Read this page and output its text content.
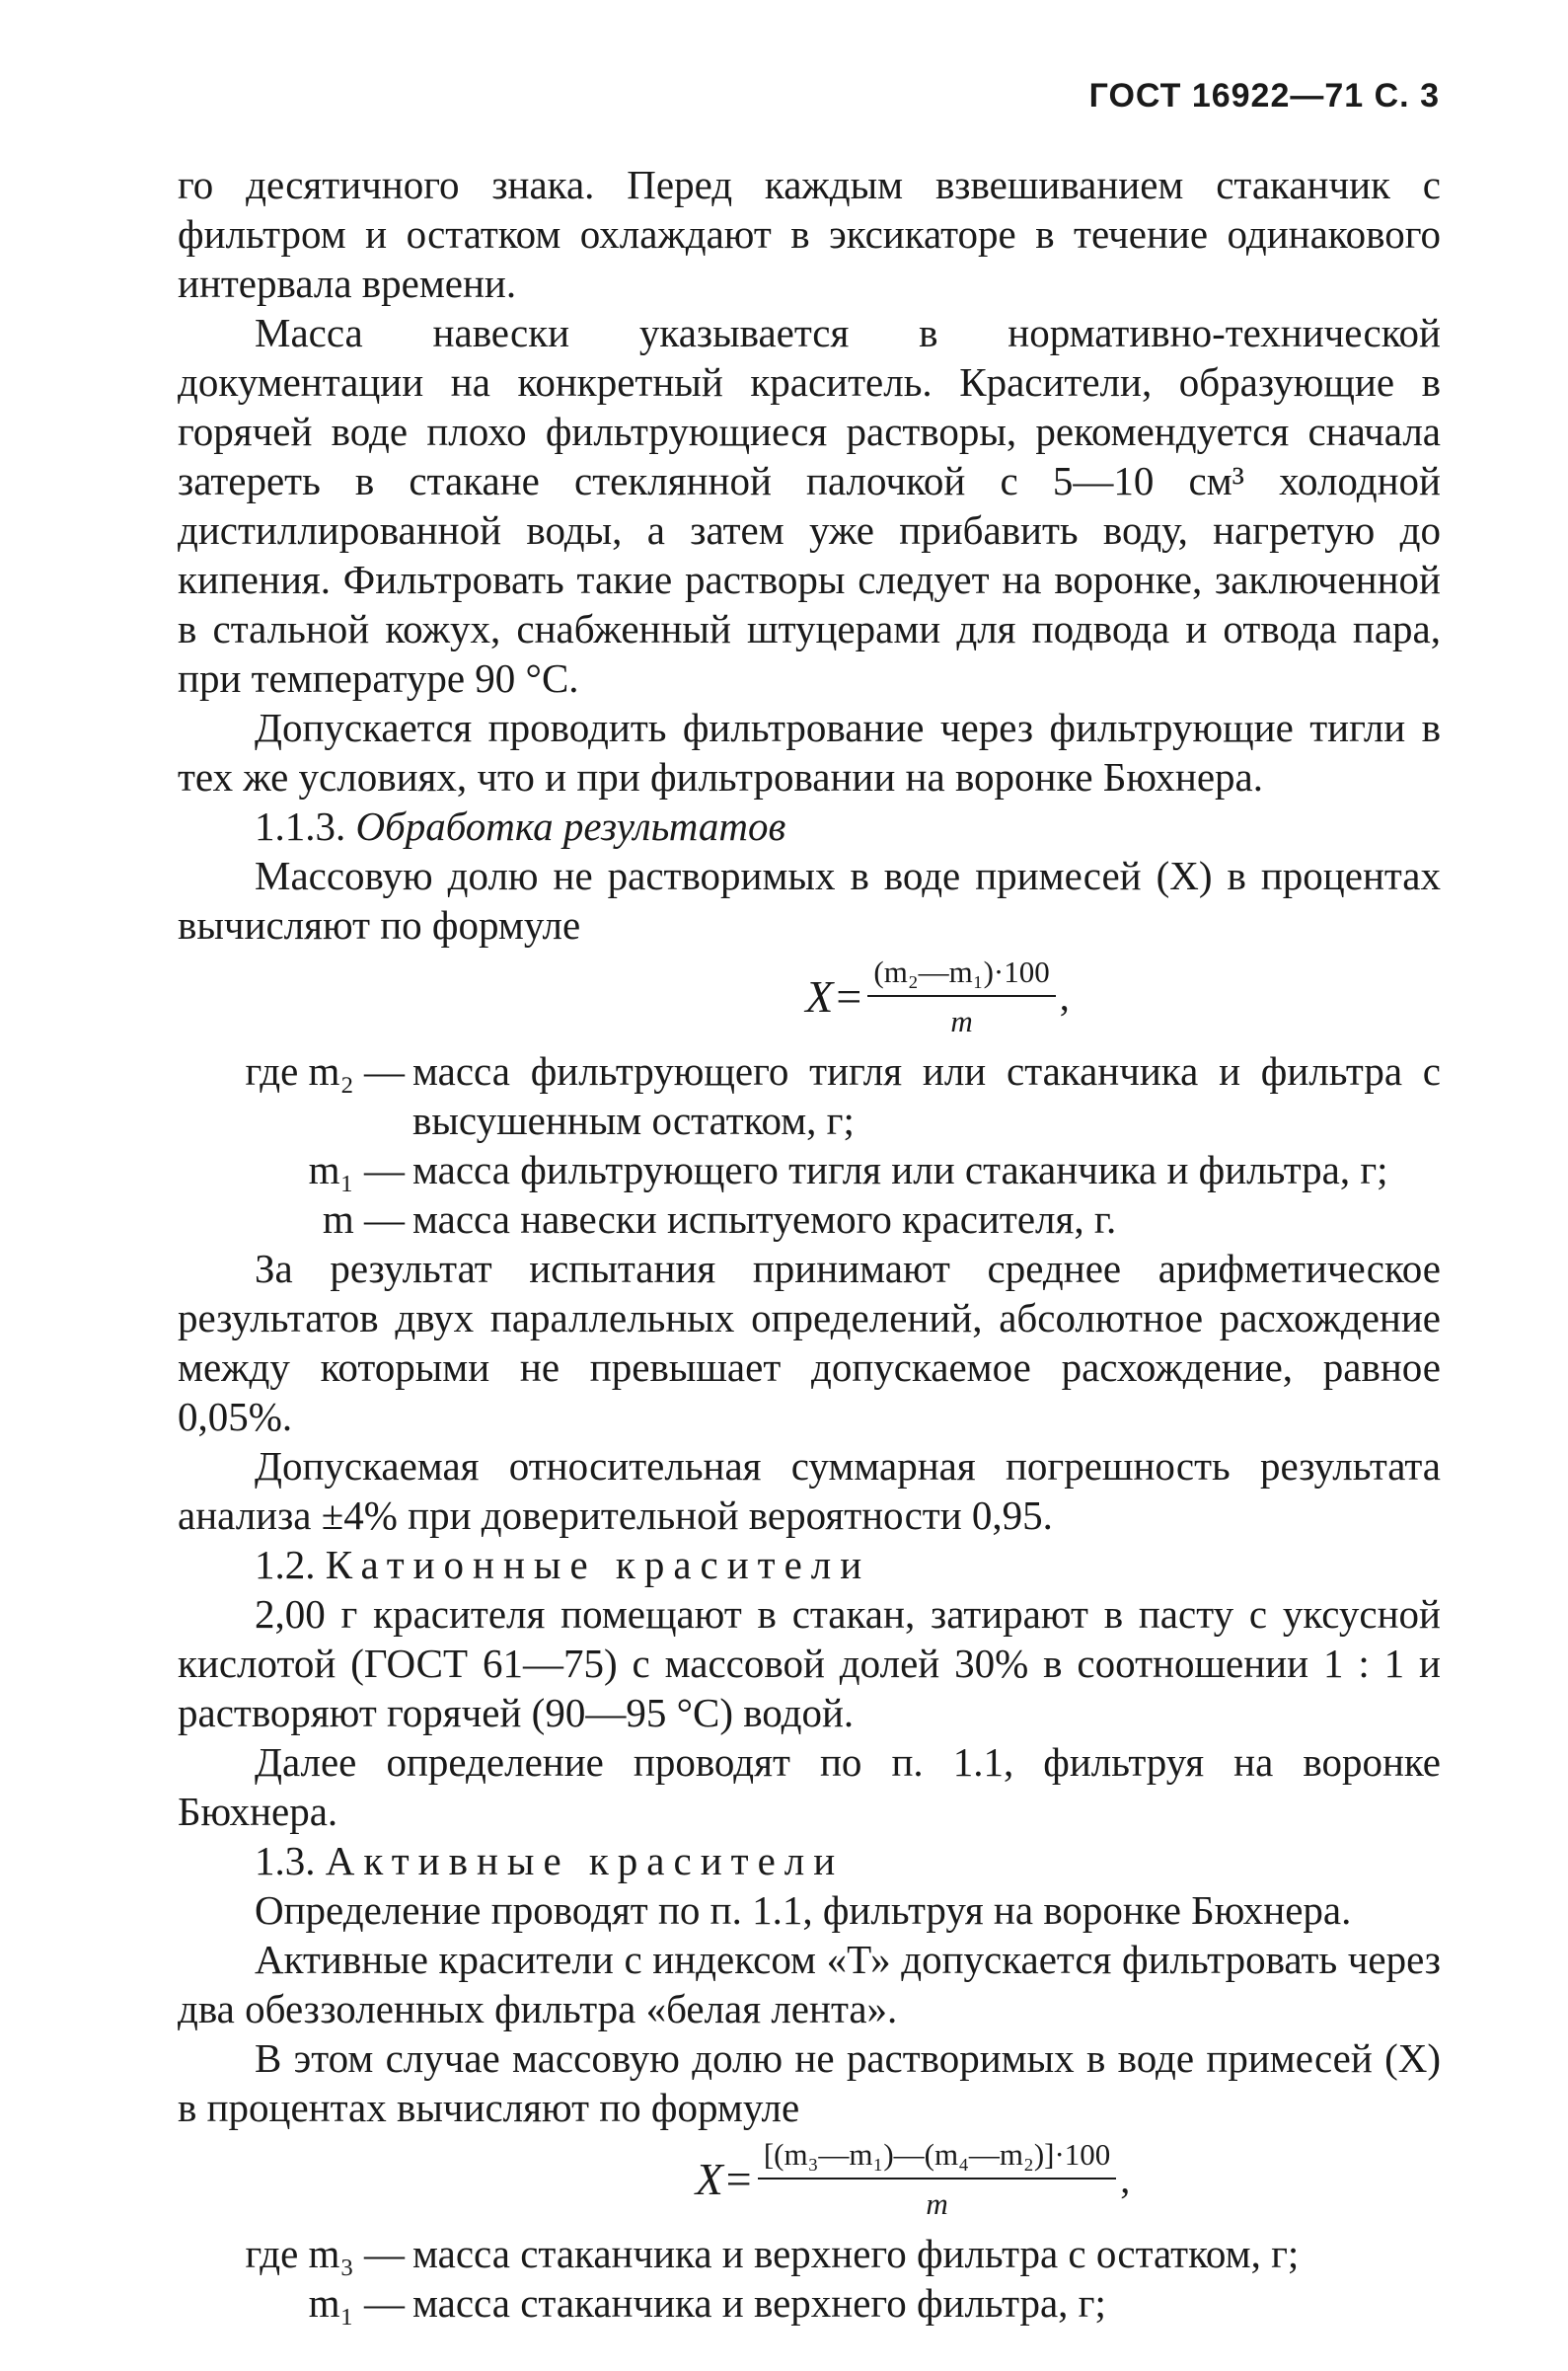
ГОСТ 16922—71 С. 3

го десятичного знака. Перед каждым взвешиванием стаканчик с фильтром и остатком охлаждают в эксикаторе в течение одинакового интервала времени.

Масса навески указывается в нормативно-технической документации на конкретный краситель. Красители, образующие в горячей воде плохо фильтрующиеся растворы, рекомендуется сначала затереть в стакане стеклянной палочкой с 5—10 см³ холодной дистиллированной воды, а затем уже прибавить воду, нагретую до кипения. Фильтровать такие растворы следует на воронке, заключенной в стальной кожух, снабженный штуцерами для подвода и отвода пара, при температуре 90 °С.

Допускается проводить фильтрование через фильтрующие тигли в тех же условиях, что и при фильтровании на воронке Бюхнера.

1.1.3. Обработка результатов

Массовую долю не растворимых в воде примесей (X) в процентах вычисляют по формуле

$X= \frac{\text{(m₂—m₁)·100}}{m}$ ,
где m₂ —	масса фильтрующего тигля или стаканчика и фильтра с высушенным остатком, г;
m₁ —	масса фильтрующего тигля или стаканчика и фильтра, г;
m —	масса навески испытуемого красителя, г.

За результат испытания принимают среднее арифметическое результатов двух параллельных определений, абсолютное расхождение между которыми не превышает допускаемое расхождение, равное 0,05%.

Допускаемая относительная суммарная погрешность результата анализа ±4% при доверительной вероятности 0,95.

1.2. Катионные красители

2,00 г красителя помещают в стакан, затирают в пасту с уксусной кислотой (ГОСТ 61—75) с массовой долей 30% в соотношении 1 : 1 и растворяют горячей (90—95 °С) водой.

Далее определение проводят по п. 1.1, фильтруя на воронке Бюхнера.

1.3. Активные красители

Определение проводят по п. 1.1, фильтруя на воронке Бюхнера.

Активные красители с индексом «Т» допускается фильтровать через два обеззоленных фильтра «белая лента».

В этом случае массовую долю не растворимых в воде примесей (X) в процентах вычисляют по формуле

$X= \frac{\text{[(m₃—m₁)—(m₄—m₂)]·100}}{m}$ ,
где m₃ —	масса стаканчика и верхнего фильтра с остатком, г;
m₁ —	масса стаканчика и верхнего фильтра, г;
